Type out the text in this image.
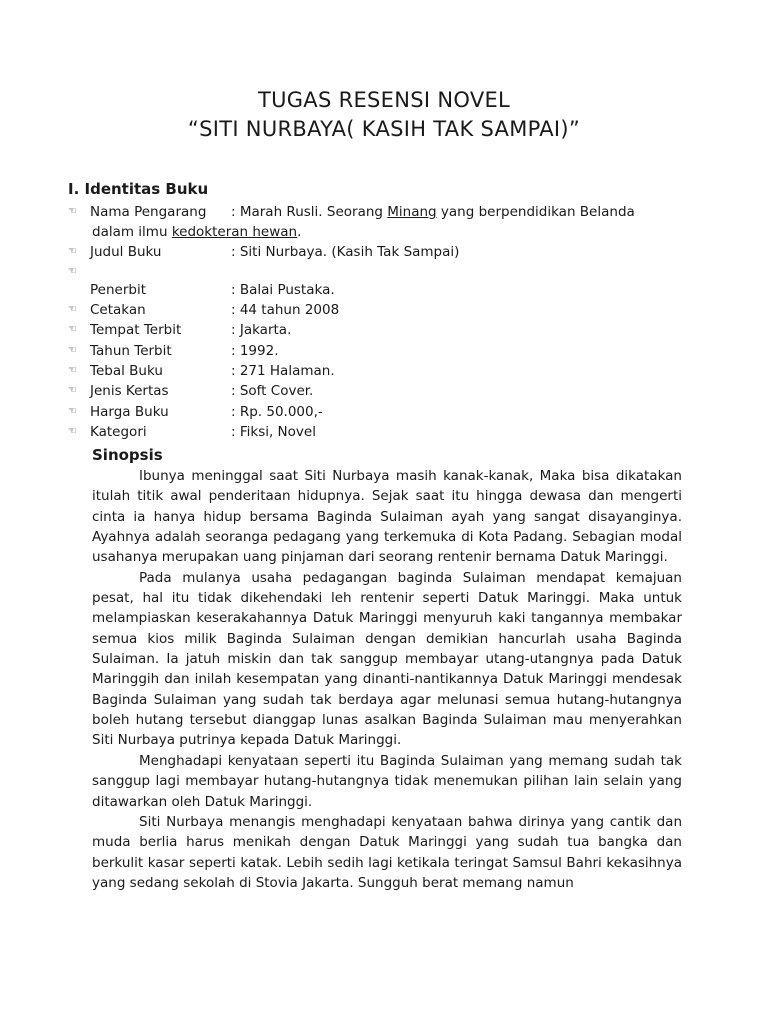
TUGAS RESENSI NOVEL
“SITI NURBAYA( KASIH TAK SAMPAI)”
I. Identitas Buku
☜ Nama Pengarang : Marah Rusli. Seorang Minang yang berpendidikan Belanda
dalam ilmu kedokteran hewan.
☜ Judul Buku	: Siti Nurbaya. (Kasih Tak Sampai)
☜
Penerbit	: Balai Pustaka.
☜ Cetakan	: 44 tahun 2008
☜ Tempat Terbit	: Jakarta.
☜ Tahun Terbit	: 1992.
☜ Tebal Buku	: 271 Halaman.
☜ Jenis Kertas	: Soft Cover.
☜ Harga Buku	: Rp. 50.000,-
☜ Kategori	: Fiksi, Novel
Sinopsis

Ibunya meninggal saat Siti Nurbaya masih kanak-kanak, Maka bisa dikatakan itulah titik awal penderitaan hidupnya. Sejak saat itu hingga dewasa dan mengerti cinta ia hanya hidup bersama Baginda Sulaiman ayah yang sangat disayanginya. Ayahnya adalah seoranga pedagang yang terkemuka di Kota Padang. Sebagian modal usahanya merupakan uang pinjaman dari seorang rentenir bernama Datuk Maringgi.

Pada mulanya usaha pedagangan baginda Sulaiman mendapat kemajuan pesat, hal itu tidak dikehendaki leh rentenir seperti Datuk Maringgi. Maka untuk melampiaskan keserakahannya Datuk Maringgi menyuruh kaki tangannya membakar semua kios milik Baginda Sulaiman dengan demikian hancurlah usaha Baginda Sulaiman. Ia jatuh miskin dan tak sanggup membayar utang-utangnya pada Datuk Maringgih dan inilah kesempatan yang dinanti-nantikannya Datuk Maringgi mendesak Baginda Sulaiman yang sudah tak berdaya agar melunasi semua hutang-hutangnya boleh hutang tersebut dianggap lunas asalkan Baginda Sulaiman mau menyerahkan Siti Nurbaya putrinya kepada Datuk Maringgi.

Menghadapi kenyataan seperti itu Baginda Sulaiman yang memang sudah tak sanggup lagi membayar hutang-hutangnya tidak menemukan pilihan lain selain yang ditawarkan oleh Datuk Maringgi.

Siti Nurbaya menangis menghadapi kenyataan bahwa dirinya yang cantik dan muda berlia harus menikah dengan Datuk Maringgi yang sudah tua bangka dan berkulit kasar seperti katak. Lebih sedih lagi ketikaIa teringat Samsul Bahri kekasihnya yang sedang sekolah di Stovia Jakarta. Sungguh berat memang namun
